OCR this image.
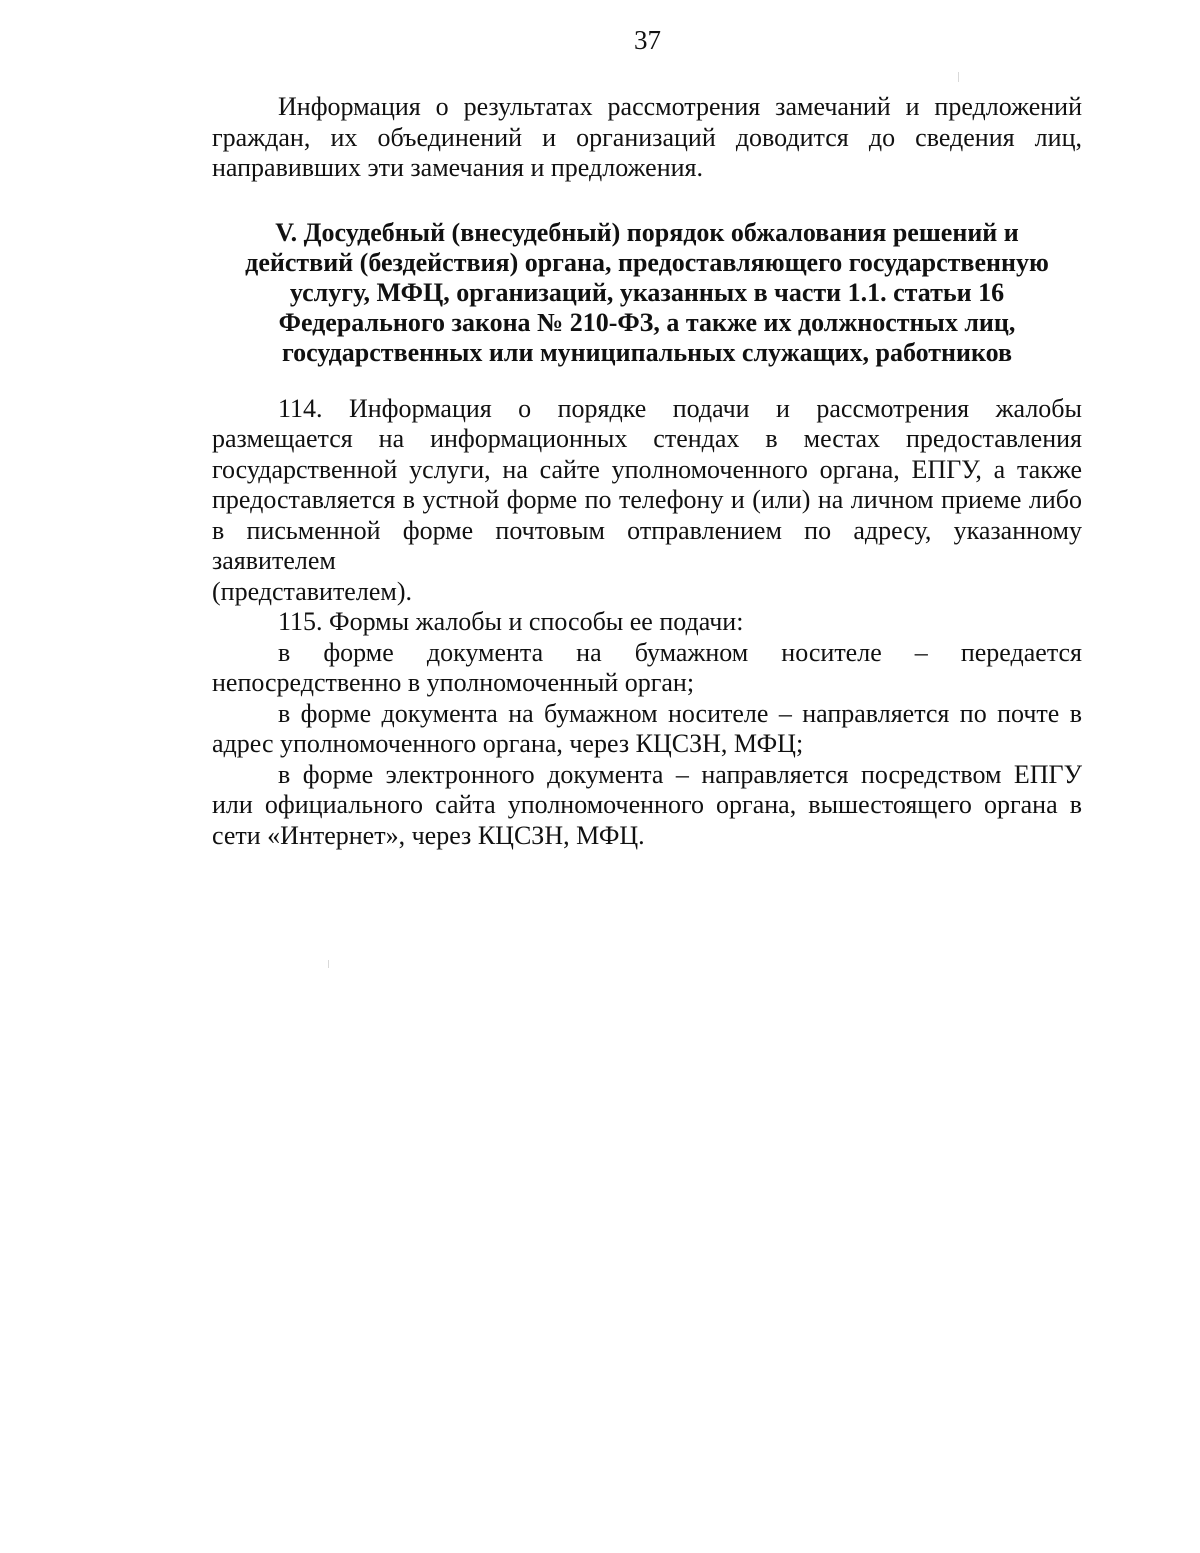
37

Информация о результатах рассмотрения замечаний и предложений граждан, их объединений и организаций доводится до сведения лиц, направивших эти замечания и предложения.

V. Досудебный (внесудебный) порядок обжалования решений и
действий (бездействия) органа, предоставляющего государственную
услугу, МФЦ, организаций, указанных в части 1.1. статьи 16
Федерального закона № 210-ФЗ, а также их должностных лиц,
государственных или муниципальных служащих, работников

114. Информация о порядке подачи и рассмотрения жалобы размещается на информационных стендах в местах предоставления государственной услуги, на сайте уполномоченного органа, ЕПГУ, а также предоставляется в устной форме по телефону и (или) на личном приеме либо в письменной форме почтовым отправлением по адресу, указанному заявителем

(представителем).

115. Формы жалобы и способы ее подачи:

в форме документа на бумажном носителе – передается непосредственно в уполномоченный орган;

в форме документа на бумажном носителе – направляется по почте в адрес уполномоченного органа, через КЦСЗН, МФЦ;

в форме электронного документа – направляется посредством ЕПГУ или официального сайта уполномоченного органа, вышестоящего органа в сети «Интернет», через КЦСЗН, МФЦ.
